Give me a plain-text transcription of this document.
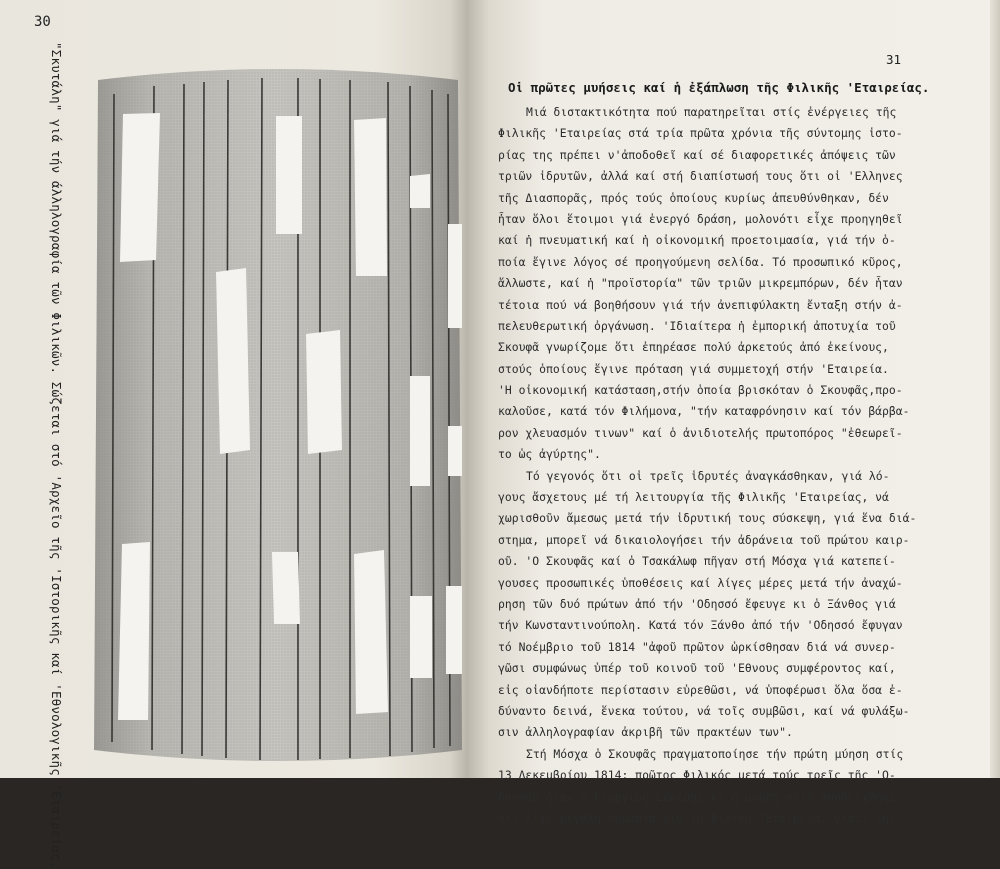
30
"Σκυτάλη" γιά τήν άλληλογραφία τῶν Φιλικῶν. Σώζεται στό 'Αρχεῖο τῆς 'Ιστορικῆς καί 'Εθνολογικῆς 'Εταιρείας.	31
Οἱ πρῶτες μυήσεις καί ἡ ἐξάπλωση τῆς Φιλικῆς 'Εταιρείας.
Μιά διστακτικότητα πού παρατηρεῖται στίς ἐνέργειες τῆς
Φιλικῆς 'Εταιρείας στά τρία πρῶτα χρόνια τῆς σύντομης ἱστο-
ρίας της πρέπει ν'ἀποδοθεῖ καί σέ διαφορετικές ἀπόψεις τῶν
τριῶν ἱδρυτῶν, ἀλλά καί στή διαπίστωσή τους ὅτι οἱ 'Ελληνες
τῆς Διασπορᾶς, πρός τούς ὁποίους κυρίως ἀπευθύνθηκαν, δέν
ἦταν ὅλοι ἕτοιμοι γιά ἐνεργό δράση, μολονότι εἶχε προηγηθεῖ
καί ἡ πνευματική καί ἡ οἰκονομική προετοιμασία, γιά τήν ὁ-
ποία ἔγινε λόγος σέ προηγούμενη σελίδα. Τό προσωπικό κῦρος,
ἄλλωστε, καί ἡ "προϊστορία" τῶν τριῶν μικρεμπόρων, δέν ἦταν
τέτοια πού νά βοηθήσουν γιά τήν ἀνεπιφύλακτη ἔνταξη στήν ἀ-
πελευθερωτική ὀργάνωση. 'Ιδιαίτερα ἡ ἐμπορική ἀποτυχία τοῦ
Σκουφᾶ γνωρίζομε ὅτι ἐπηρέασε πολύ ἀρκετούς ἀπό ἐκείνους,
στούς ὁποίους ἔγινε πρόταση γιά συμμετοχή στήν 'Εταιρεία.
'Η οἰκονομική κατάσταση,στήν ὁποία βρισκόταν ὁ Σκουφᾶς,προ-
καλοῦσε, κατά τόν Φιλήμονα, "τήν καταφρόνησιν καί τόν βάρβα-
ρον χλευασμόν τινων" καί ὁ ἀνιδιοτελής πρωτοπόρος "ἐθεωρεῖ-
το ὡς ἀγύρτης".
Τό γεγονός ὅτι οἱ τρεῖς ἱδρυτές ἀναγκάσθηκαν, γιά λό-
γους ἄσχετους μέ τή λειτουργία τῆς Φιλικῆς 'Εταιρείας, νά
χωρισθοῦν ἄμεσως μετά τήν ἱδρυτική τους σύσκεψη, γιά ἕνα διά-
στημα, μπορεῖ νά δικαιολογήσει τήν ἀδράνεια τοῦ πρώτου καιρ-
οῦ. 'Ο Σκουφᾶς καί ὁ Τσακάλωφ πῆγαν στή Μόσχα γιά κατεπεί-
γουσες προσωπικές ὑποθέσεις καί λίγες μέρες μετά τήν ἀναχώ-
ρηση τῶν δυό πρώτων ἀπό τήν 'Οδησσό ἔφευγε κι ὁ Ξάνθος γιά
τήν Κωνσταντινούπολη. Κατά τόν Ξάνθο ἀπό τήν 'Οδησσό ἔφυγαν
τό Νοέμβριο τοῦ 1814 "ἀφοῦ πρῶτον ὡρκίσθησαν διά νά συνερ-
γῶσι συμφώνως ὑπέρ τοῦ κοινοῦ τοῦ 'Εθνους συμφέροντος καί,
εἰς οἱανδήποτε περίστασιν εὑρεθῶσι, νά ὑποφέρωσι ὅλα ὅσα ἐ-
δύναντο δεινά, ἕνεκα τούτου, νά τοῖς συμβῶσι, καί νά φυλάξω-
σιν ἀλληλογραφίαν ἀκριβῆ τῶν πρακτέων των".
Στή Μόσχα ὁ Σκουφᾶς πραγματοποίησε τήν πρώτη μύηση στίς
13 Δεκεμβρίου 1814: πρῶτος Φιλικός μετά τούς τρεῖς τῆς 'Ο-
δησσοῦ ἦταν ὁ Γεώργιος Σέκερης κι ἡ μύηση αὐτή ἀποδείχθηκε
ὅτι εἶχε μεγάλη σημασία γιά τή Φιλική 'Εταιρεία, γιατί τήν
